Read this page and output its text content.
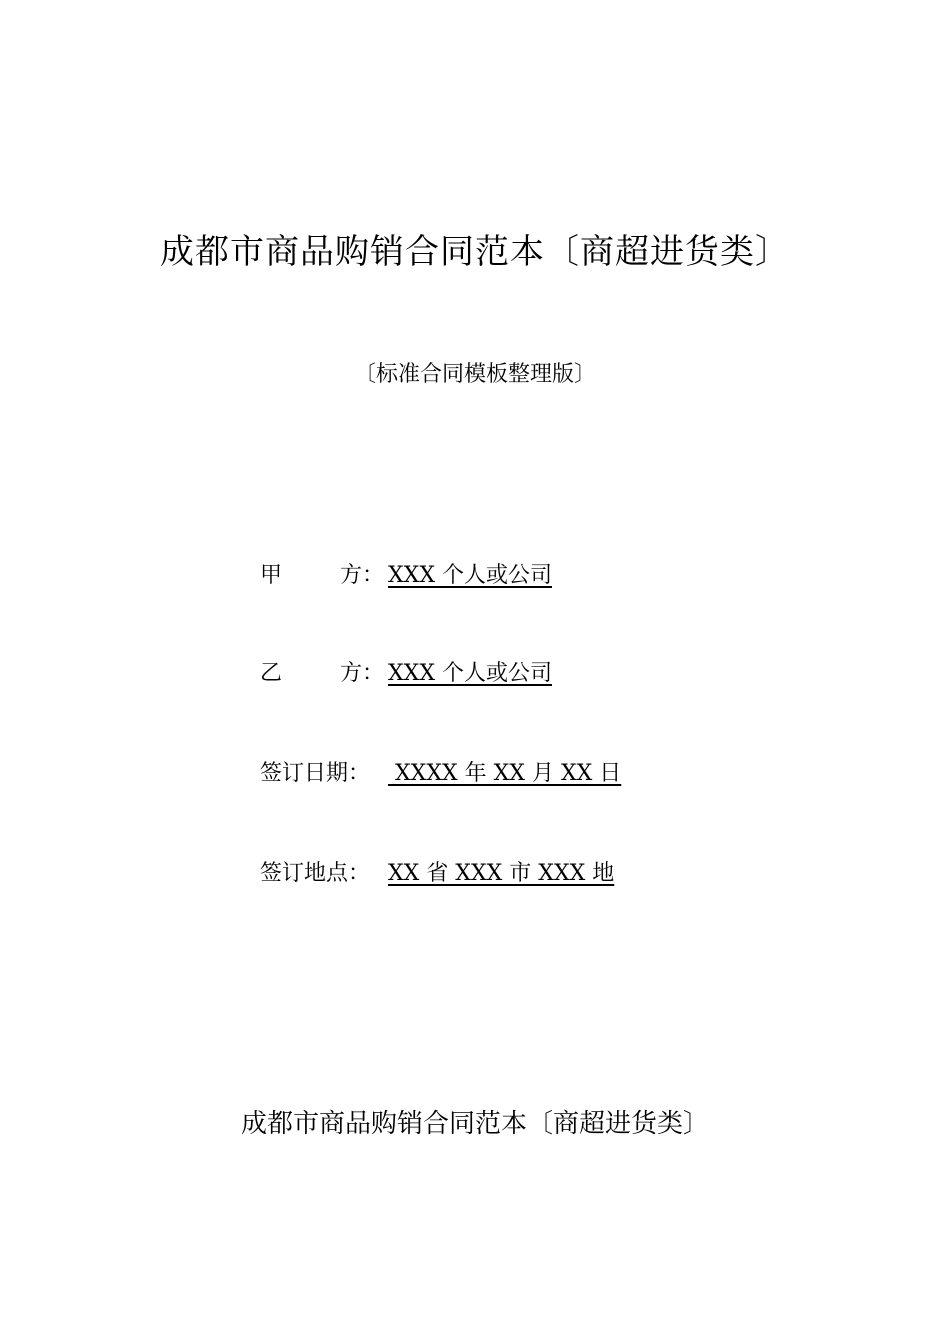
成都市商品购销合同范本〔商超进货类〕
〔标准合同模板整理版〕
甲	方： XXX 个人或公司
乙	方： XXX 个人或公司
签订日期： XXXX 年 XX 月 XX 日
签订地点： XX 省 XXX 市 XXX 地
成都市商品购销合同范本〔商超进货类〕
